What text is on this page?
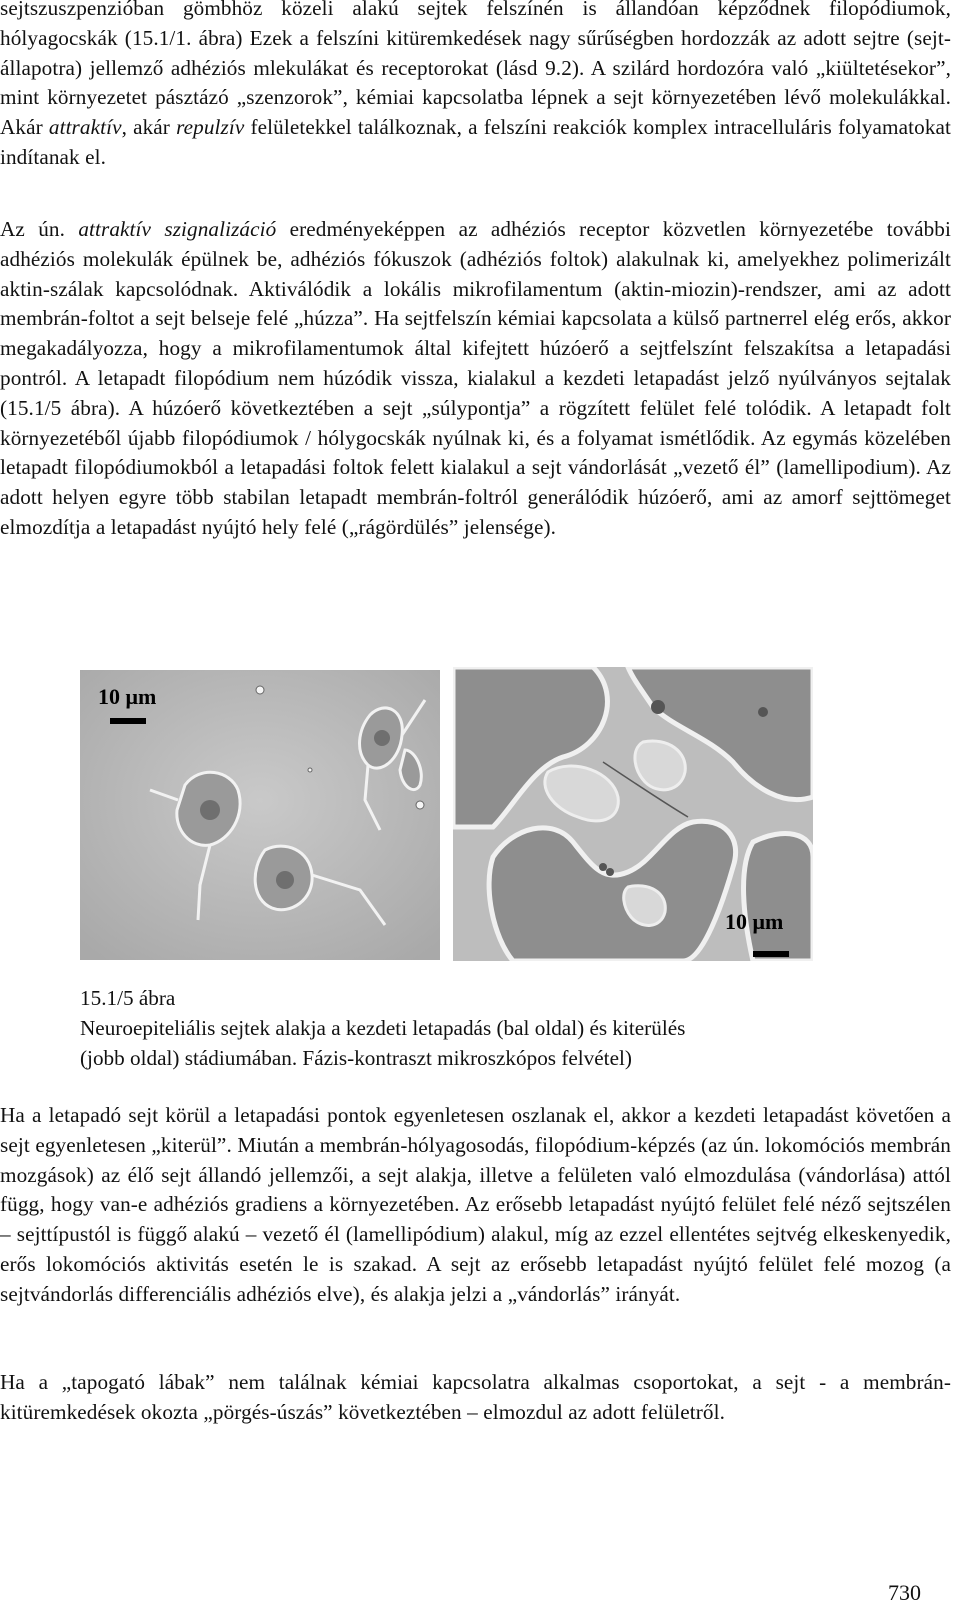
sejtszuszpenzióban gömbhöz közeli alakú sejtek felszínén is állandóan képződnek filopódiumok, hólyagocskák (15.1/1. ábra) Ezek a felszíni kitüremkedések nagy sűrűségben hordozzák az adott sejtre (sejt-állapotra) jellemző adhéziós mlekulákat és receptorokat (lásd 9.2). A szilárd hordozóra való „kiültetésekor”, mint környezetet pásztázó „szenzorok”, kémiai kapcsolatba lépnek a sejt környezetében lévő molekulákkal. Akár attraktív, akár repulzív felületekkel találkoznak, a felszíni reakciók komplex intracelluláris folyamatokat indítanak el.

Az ún. attraktív szignalizáció eredményeképpen az adhéziós receptor közvetlen környezetébe további adhéziós molekulák épülnek be, adhéziós fókuszok (adhéziós foltok) alakulnak ki, amelyekhez polimerizált aktin-szálak kapcsolódnak. Aktiválódik a lokális mikrofilamentum (aktin-miozin)-rendszer, ami az adott membrán-foltot a sejt belseje felé „húzza”. Ha sejtfelszín kémiai kapcsolata a külső partnerrel elég erős, akkor megakadályozza, hogy a mikrofilamentumok által kifejtett húzóerő a sejtfelszínt felszakítsa a letapadási pontról. A letapadt filopódium nem húzódik vissza, kialakul a kezdeti letapadást jelző nyúlványos sejtalak (15.1/5 ábra). A húzóerő következtében a sejt „súlypontja” a rögzített felület felé tolódik. A letapadt folt környezetéből újabb filopódiumok / hólygocskák nyúlnak ki, és a folyamat ismétlődik. Az egymás közelében letapadt filopódiumokból a letapadási foltok felett kialakul a sejt vándorlását „vezető él” (lamellipodium). Az adott helyen egyre több stabilan letapadt membrán-foltról generálódik húzóerő, ami az amorf sejttömeget elmozdítja a letapadást nyújtó hely felé („rágördülés” jelensége).

10 μm
10 μm
15.1/5 ábra
Neuroepiteliális sejtek alakja a kezdeti letapadás (bal oldal) és kiterülés
(jobb oldal) stádiumában. Fázis-kontraszt mikroszkópos felvétel)

Ha a letapadó sejt körül a letapadási pontok egyenletesen oszlanak el, akkor a kezdeti letapadást követően a sejt egyenletesen „kiterül”. Miután a membrán-hólyagosodás, filopódium-képzés (az ún. lokomóciós membrán mozgások) az élő sejt állandó jellemzői, a sejt alakja, illetve a felületen való elmozdulása (vándorlása) attól függ, hogy van-e adhéziós gradiens a környezetében. Az erősebb letapadást nyújtó felület felé néző sejtszélen – sejttípustól is függő alakú – vezető él (lamellipódium) alakul, míg az ezzel ellentétes sejtvég elkeskenyedik, erős lokomóciós aktivitás esetén le is szakad. A sejt az erősebb letapadást nyújtó felület felé mozog (a sejtvándorlás differenciális adhéziós elve), és alakja jelzi a „vándorlás” irányát.

Ha a „tapogató lábak” nem találnak kémiai kapcsolatra alkalmas csoportokat, a sejt - a membrán-kitüremkedések okozta „pörgés-úszás” következtében – elmozdul az adott felületről.

730
